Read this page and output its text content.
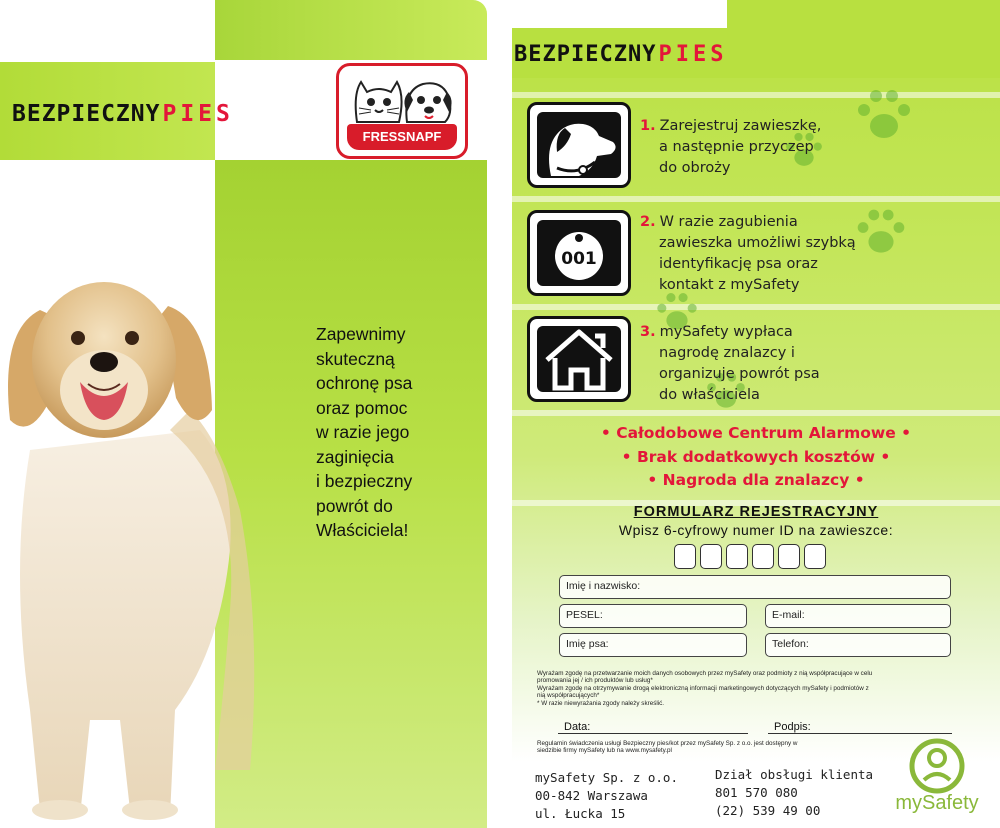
BEZPIECZNYPIES
FRESSNAPF
Zapewnimy
skuteczną
ochronę psa
oraz pomoc
w razie jego
zaginięcia
i bezpieczny
powrót do
Właściciela!
BEZPIECZNYPIES
1. Zarejestruj zawieszkę,
a następnie przyczep
do obroży
001
2. W razie zagubienia
zawieszka umożliwi szybką
identyfikację psa oraz
kontakt z mySafety
3. mySafety wypłaca
nagrodę znalazcy i
organizuje powrót psa
do właściciela
• Całodobowe Centrum Alarmowe •
• Brak dodatkowych kosztów •
• Nagroda dla znalazcy •
FORMULARZ REJESTRACYJNY
Wpisz 6-cyfrowy numer ID na zawieszce:
Imię i nazwisko:
PESEL:	E-mail:
Imię psa:	Telefon:
Wyrażam zgodę na przetwarzanie moich danych osobowych przez mySafety oraz podmioty z nią współpracujące w celu
promowania jej / ich produktów lub usług*
Wyrażam zgodę na otrzymywanie drogą elektroniczną informacji marketingowych dotyczących mySafety i podmiotów z
nią współpracujących*
* W razie niewyrażania zgody należy skreślić.
Data:	Podpis:
Regulamin świadczenia usługi Bezpieczny pies/kot przez mySafety Sp. z o.o. jest dostępny w
siedzibie firmy mySafety lub na www.mysafety.pl
mySafety Sp. z o.o.
00-842 Warszawa
ul. Łucka 15
Dział obsługi klienta
801 570 080
(22) 539 49 00	mySafety
